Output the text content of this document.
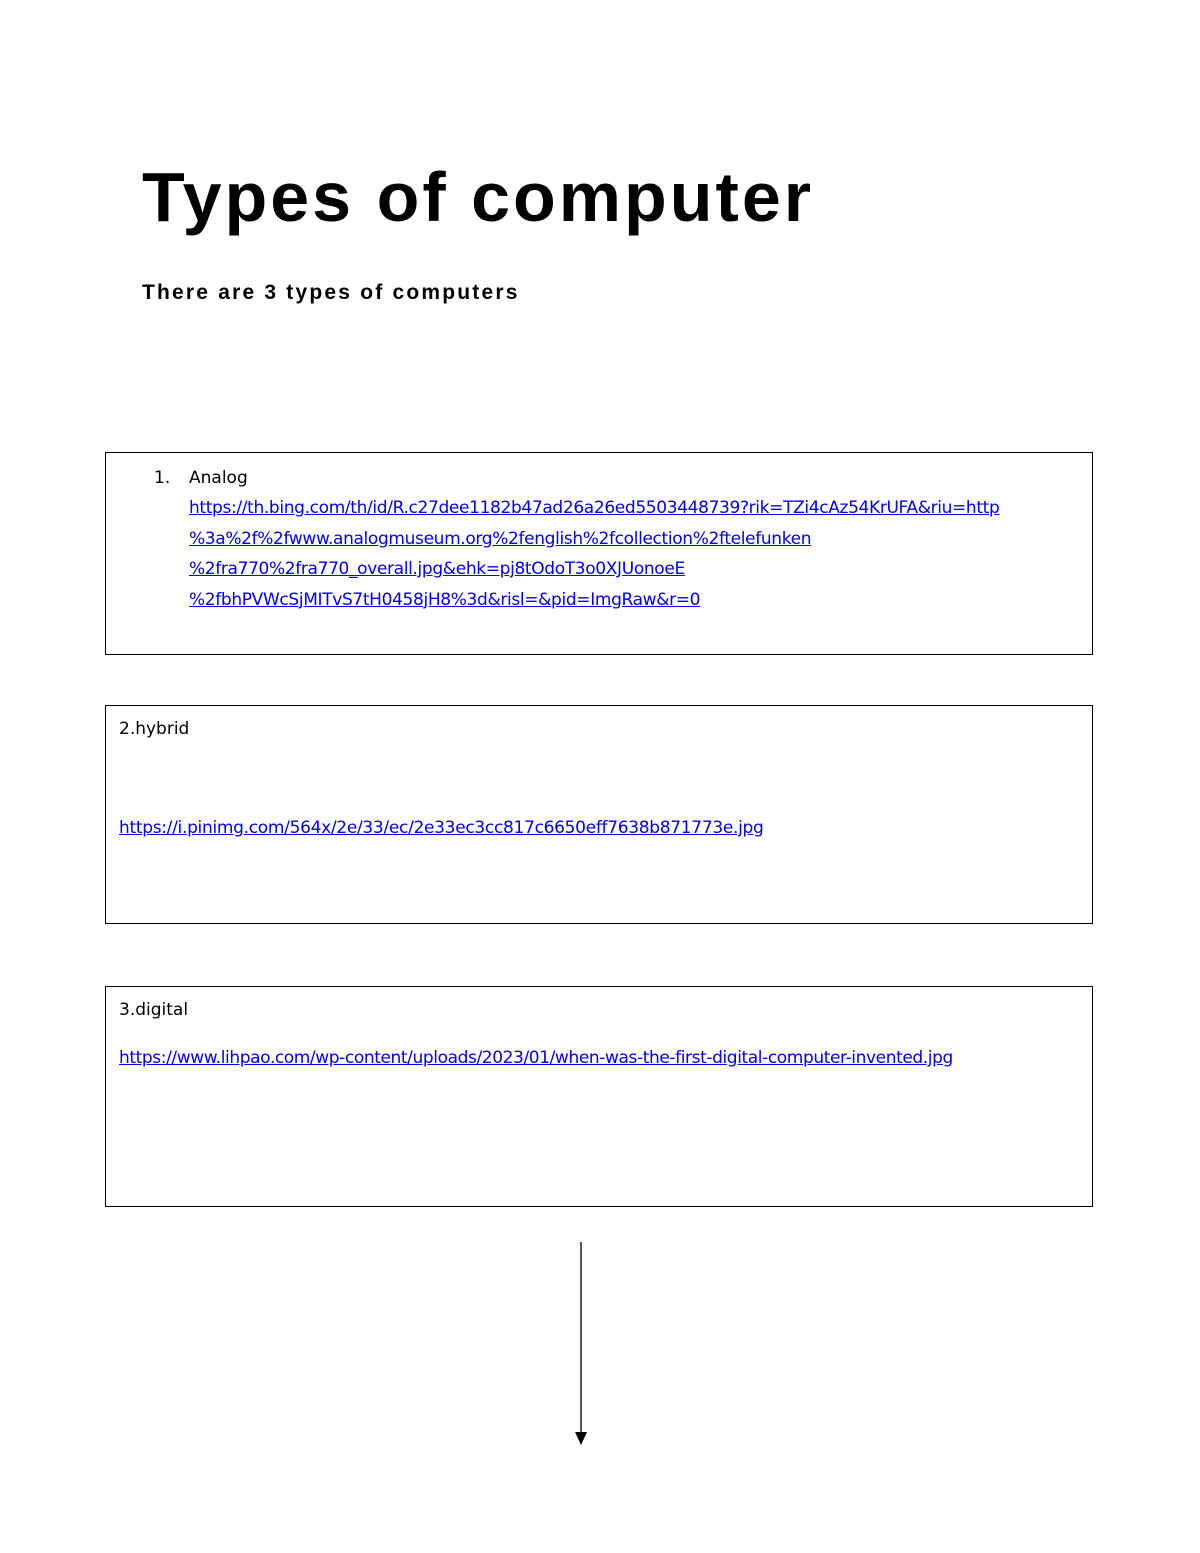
Types of computer

There are 3 types of computers

1. Analog
https://th.bing.com/th/id/R.c27dee1182b47ad26a26ed5503448739?rik=TZi4cAz54KrUFA&riu=http
%3a%2f%2fwww.analogmuseum.org%2fenglish%2fcollection%2ftelefunken
%2fra770%2fra770_overall.jpg&ehk=pj8tOdoT3o0XJUonoeE
%2fbhPVWcSjMITvS7tH0458jH8%3d&risl=&pid=ImgRaw&r=0
2.hybrid
https://i.pinimg.com/564x/2e/33/ec/2e33ec3cc817c6650eff7638b871773e.jpg
3.digital
https://www.lihpao.com/wp-content/uploads/2023/01/when-was-the-first-digital-computer-invented.jpg
